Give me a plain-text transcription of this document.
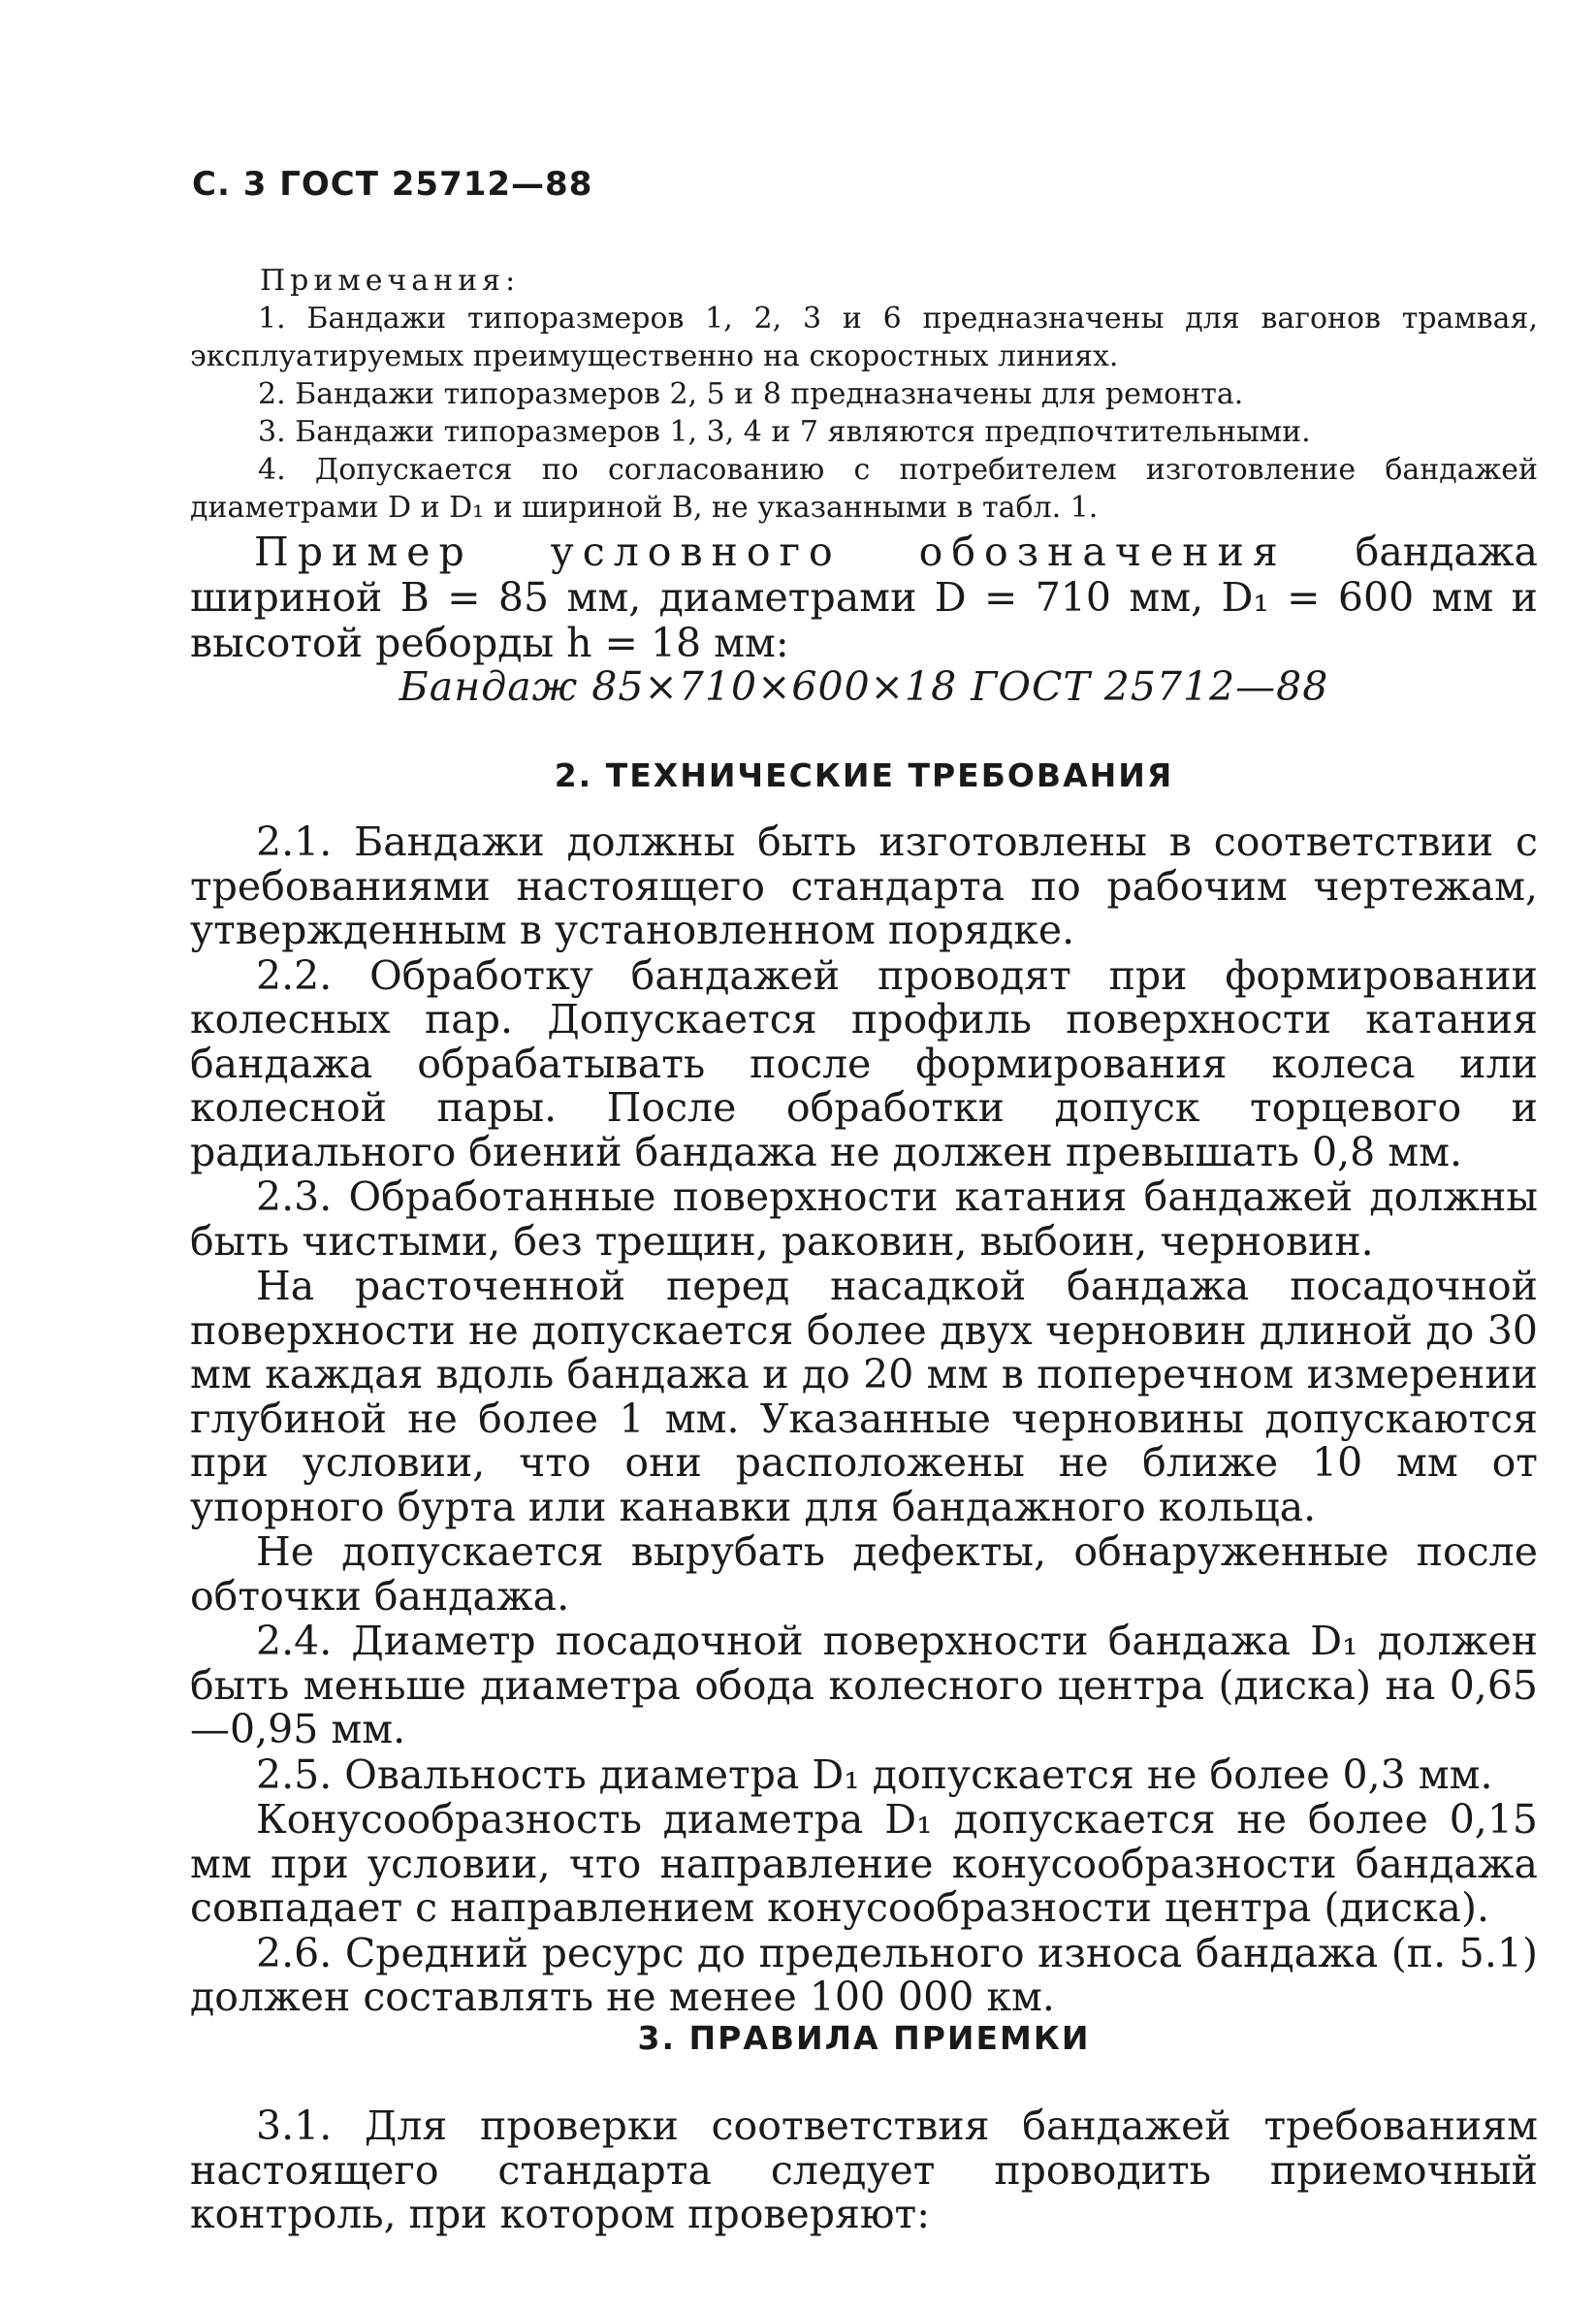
С. 3 ГОСТ 25712—88
Примечания:
1. Бандажи типоразмеров 1, 2, 3 и 6 предназначены для вагонов трамвая, эксплуатируемых преимущественно на скоростных линиях.
2. Бандажи типоразмеров 2, 5 и 8 предназначены для ремонта.
3. Бандажи типоразмеров 1, 3, 4 и 7 являются предпочтительными.
4. Допускается по согласованию с потребителем изготовление бандажей диаметрами D и D₁ и шириной B, не указанными в табл. 1.
Пример условного обозначения бандажа шириной B = 85 мм, диаметрами D = 710 мм, D₁ = 600 мм и высотой реборды h = 18 мм:
Бандаж 85×710×600×18 ГОСТ 25712—88
2. ТЕХНИЧЕСКИЕ ТРЕБОВАНИЯ
2.1. Бандажи должны быть изготовлены в соответствии с требованиями настоящего стандарта по рабочим чертежам, утвержденным в установленном порядке.
2.2. Обработку бандажей проводят при формировании колесных пар. Допускается профиль поверхности катания бандажа обрабатывать после формирования колеса или колесной пары. После обработки допуск торцевого и радиального биений бандажа не должен превышать 0,8 мм.
2.3. Обработанные поверхности катания бандажей должны быть чистыми, без трещин, раковин, выбоин, черновин.
На расточенной перед насадкой бандажа посадочной поверхности не допускается более двух черновин длиной до 30 мм каждая вдоль бандажа и до 20 мм в поперечном измерении глубиной не более 1 мм. Указанные черновины допускаются при условии, что они расположены не ближе 10 мм от упорного бурта или канавки для бандажного кольца.
Не допускается вырубать дефекты, обнаруженные после обточки бандажа.
2.4. Диаметр посадочной поверхности бандажа D₁ должен быть меньше диаметра обода колесного центра (диска) на 0,65—0,95 мм.
2.5. Овальность диаметра D₁ допускается не более 0,3 мм.
Конусообразность диаметра D₁ допускается не более 0,15 мм при условии, что направление конусообразности бандажа совпадает с направлением конусообразности центра (диска).
2.6. Средний ресурс до предельного износа бандажа (п. 5.1) должен составлять не менее 100 000 км.
3. ПРАВИЛА ПРИЕМКИ
3.1. Для проверки соответствия бандажей требованиям настоящего стандарта следует проводить приемочный контроль, при котором проверяют:
